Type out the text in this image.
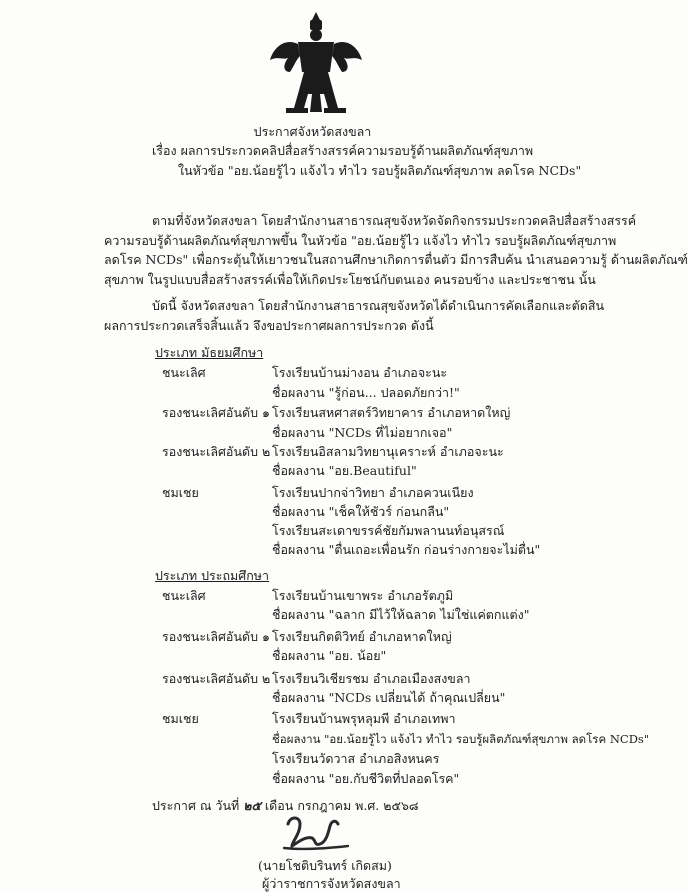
ประกาศจังหวัดสงขลา
เรื่อง ผลการประกวดคลิปสื่อสร้างสรรค์ความรอบรู้ด้านผลิตภัณฑ์สุขภาพ
ในหัวข้อ "อย.น้อยรู้ไว แจ้งไว ทำไว รอบรู้ผลิตภัณฑ์สุขภาพ ลดโรค NCDs"
ตามที่จังหวัดสงขลา โดยสำนักงานสาธารณสุขจังหวัดจัดกิจกรรมประกวดคลิปสื่อสร้างสรรค์
ความรอบรู้ด้านผลิตภัณฑ์สุขภาพขึ้น ในหัวข้อ "อย.น้อยรู้ไว แจ้งไว ทำไว รอบรู้ผลิตภัณฑ์สุขภาพ
ลดโรค NCDs" เพื่อกระตุ้นให้เยาวชนในสถานศึกษาเกิดการตื่นตัว มีการสืบค้น นำเสนอความรู้ ด้านผลิตภัณฑ์
สุขภาพ ในรูปแบบสื่อสร้างสรรค์เพื่อให้เกิดประโยชน์กับตนเอง คนรอบข้าง และประชาชน นั้น
บัดนี้ จังหวัดสงขลา โดยสำนักงานสาธารณสุขจังหวัดได้ดำเนินการคัดเลือกและตัดสิน
ผลการประกวดเสร็จสิ้นแล้ว จึงขอประกาศผลการประกวด ดังนี้
ประเภท มัธยมศึกษา
ชนะเลิศ	โรงเรียนบ้านม่างอน อำเภอจะนะ
ชื่อผลงาน "รู้ก่อน... ปลอดภัยกว่า!"
รองชนะเลิศอันดับ ๑ โรงเรียนสหศาสตร์วิทยาคาร อำเภอหาดใหญ่
ชื่อผลงาน "NCDs ที่ไม่อยากเจอ"
รองชนะเลิศอันดับ ๒ โรงเรียนอิสลามวิทยานุเคราะห์ อำเภอจะนะ
ชื่อผลงาน "อย.Beautiful"
ชมเชย	โรงเรียนปากจ่าวิทยา อำเภอควนเนียง
ชื่อผลงาน "เช็คให้ชัวร์ ก่อนกลืน"
โรงเรียนสะเดาขรรค์ชัยกัมพลานนท์อนุสรณ์
ชื่อผลงาน "ตื่นเถอะเพื่อนรัก ก่อนร่างกายจะไม่ตื่น"
ประเภท ประถมศึกษา
ชนะเลิศ	โรงเรียนบ้านเขาพระ อำเภอรัตภูมิ
ชื่อผลงาน "ฉลาก มีไว้ให้ฉลาด ไม่ใช่แค่ตกแต่ง"
รองชนะเลิศอันดับ ๑ โรงเรียนกิตติวิทย์ อำเภอหาดใหญ่
ชื่อผลงาน "อย. น้อย"
รองชนะเลิศอันดับ ๒ โรงเรียนวิเชียรชม อำเภอเมืองสงขลา
ชื่อผลงาน "NCDs เปลี่ยนได้ ถ้าคุณเปลี่ยน"
ชมเชย	โรงเรียนบ้านพรุหลุมพี อำเภอเทพา
ชื่อผลงาน "อย.น้อยรู้ไว แจ้งไว ทำไว รอบรู้ผลิตภัณฑ์สุขภาพ ลดโรค NCDs"
โรงเรียนวัดวาส อำเภอสิงหนคร
ชื่อผลงาน "อย.กับชีวิตที่ปลอดโรค"
ประกาศ ณ วันที่ ๒๕ เดือน กรกฎาคม พ.ศ. ๒๕๖๘
(นายโชติบรินทร์ เกิดสม)
ผู้ว่าราชการจังหวัดสงขลา
